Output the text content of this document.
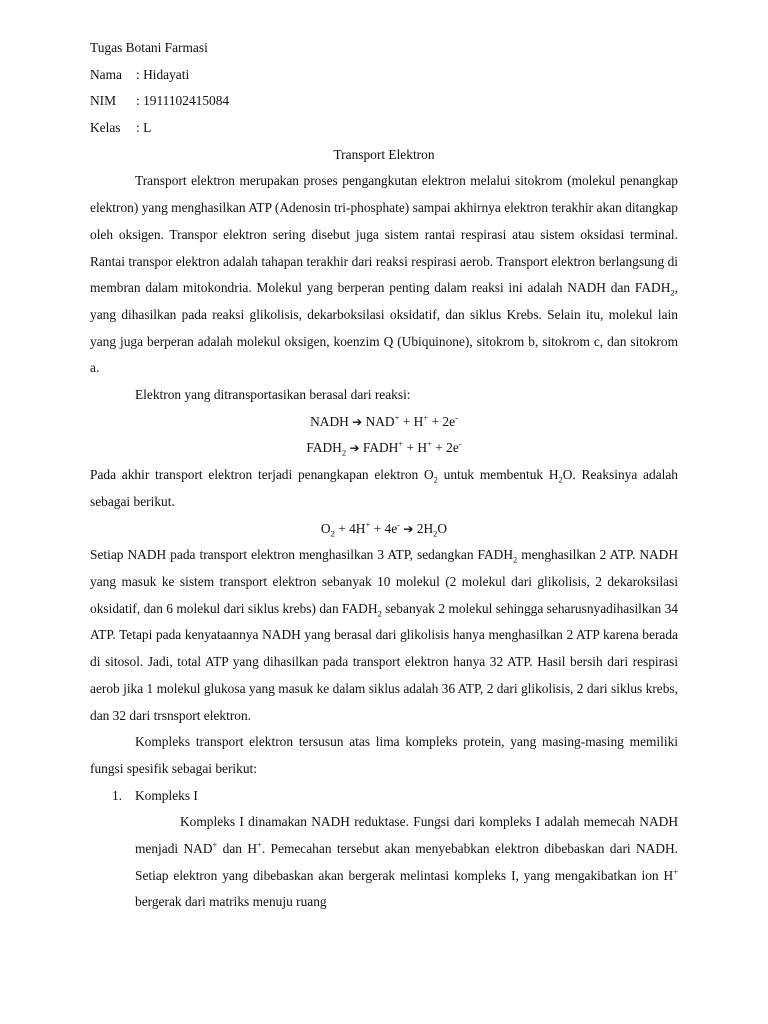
Tugas Botani Farmasi
Nama : Hidayati
NIM : 1911102415084
Kelas : L
Transport Elektron

Transport elektron merupakan proses pengangkutan elektron melalui sitokrom (molekul penangkap elektron) yang menghasilkan ATP (Adenosin tri-phosphate) sampai akhirnya elektron terakhir akan ditangkap oleh oksigen. Transpor elektron sering disebut juga sistem rantai respirasi atau sistem oksidasi terminal. Rantai transpor elektron adalah tahapan terakhir dari reaksi respirasi aerob. Transport elektron berlangsung di membran dalam mitokondria. Molekul yang berperan penting dalam reaksi ini adalah NADH dan $FADH_2$, yang dihasilkan pada reaksi glikolisis, dekarboksilasi oksidatif, dan siklus Krebs. Selain itu, molekul lain yang juga berperan adalah molekul oksigen, koenzim Q (Ubiquinone), sitokrom b, sitokrom c, dan sitokrom a.

Elektron yang ditransportasikan berasal dari reaksi:

NADH ➔ NAD+ + H+ + 2e-
$FADH_2$ ➔ FADH+ + H+ + 2e-

Pada akhir transport elektron terjadi penangkapan elektron $O_2$ untuk membentuk $H_2O$. Reaksinya adalah sebagai berikut.

$O_2 + 4H^+ + 4e^-$ ➔ $2H_2O$

Setiap NADH pada transport elektron menghasilkan 3 ATP, sedangkan $FADH_2$ menghasilkan 2 ATP. NADH yang masuk ke sistem transport elektron sebanyak 10 molekul (2 molekul dari glikolisis, 2 dekaroksilasi oksidatif, dan 6 molekul dari siklus krebs) dan $FADH_2$ sebanyak 2 molekul sehingga seharusnyadihasilkan 34 ATP. Tetapi pada kenyataannya NADH yang berasal dari glikolisis hanya menghasilkan 2 ATP karena berada di sitosol. Jadi, total ATP yang dihasilkan pada transport elektron hanya 32 ATP. Hasil bersih dari respirasi aerob jika 1 molekul glukosa yang masuk ke dalam siklus adalah 36 ATP, 2 dari glikolisis, 2 dari siklus krebs, dan 32 dari trsnsport elektron.

Kompleks transport elektron tersusun atas lima kompleks protein, yang masing-masing memiliki fungsi spesifik sebagai berikut:

1. Kompleks I

Kompleks I dinamakan NADH reduktase. Fungsi dari kompleks I adalah memecah NADH menjadi NAD+ dan H+. Pemecahan tersebut akan menyebabkan elektron dibebaskan dari NADH. Setiap elektron yang dibebaskan akan bergerak melintasi kompleks I, yang mengakibatkan ion H+ bergerak dari matriks menuju ruang
